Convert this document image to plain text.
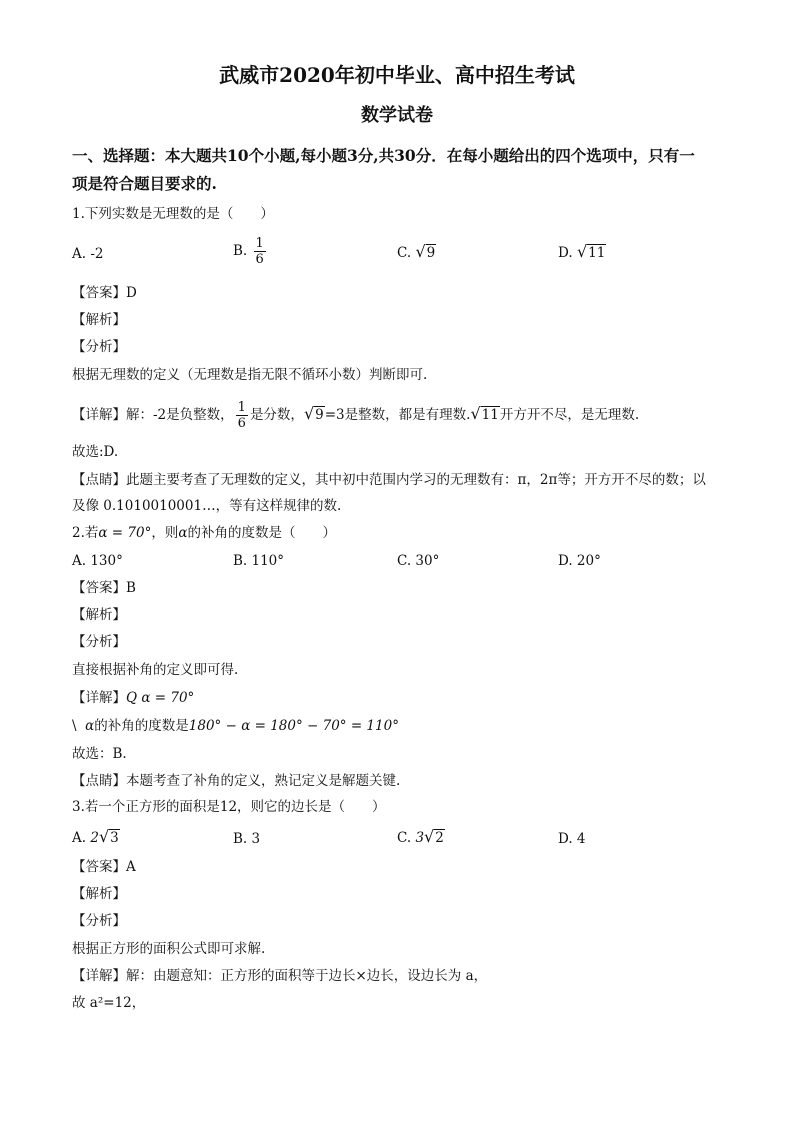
武威市2020年初中毕业、高中招生考试
数学试卷
一、选择题：本大题共10个小题,每小题3分,共30分．在每小题给出的四个选项中，只有一
项是符合题目要求的.
1.下列实数是无理数的是（　　）
A. -2	B. $\frac{1}{6}$	C. √9	D. √11
【答案】D
【解析】
【分析】
根据无理数的定义（无理数是指无限不循环小数）判断即可.
【详解】解：-2是负整数， $\frac{1}{6}$ 是分数，√9=3是整数，都是有理数.√11开方开不尽，是无理数.
故选:D.
【点睛】此题主要考查了无理数的定义，其中初中范围内学习的无理数有：π，2π等；开方开不尽的数；以
及像 0.1010010001…，等有这样规律的数.
2.若α = 70°，则α的补角的度数是（　　）
A. 130°	B. 110°	C. 30°	D. 20°
【答案】B
【解析】
【分析】
直接根据补角的定义即可得.
【详解】Q α = 70°
\ α的补角的度数是180° − α = 180° − 70° = 110°
故选：B.
【点睛】本题考查了补角的定义，熟记定义是解题关键.
3.若一个正方形的面积是12，则它的边长是（　　）
A. 2√3	B. 3	C. 3√2	D. 4
【答案】A
【解析】
【分析】
根据正方形的面积公式即可求解.
【详解】解：由题意知：正方形的面积等于边长×边长，设边长为 a，
故 a²=12，
